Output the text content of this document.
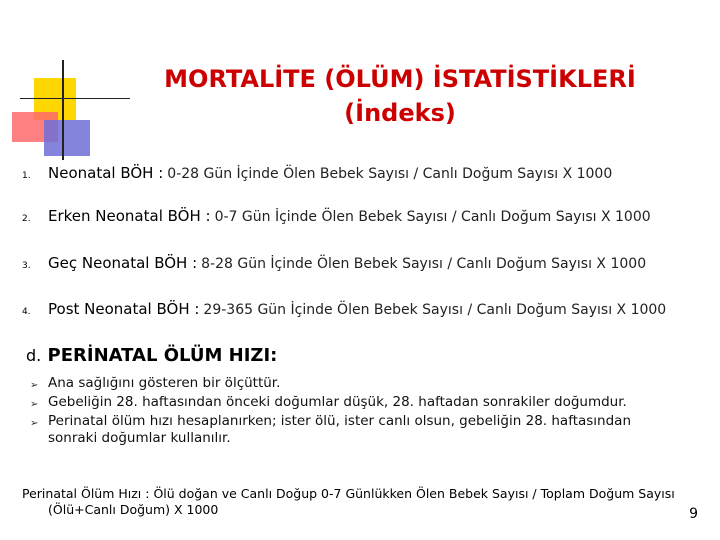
MORTALİTE (ÖLÜM) İSTATİSTİKLERİ
(İndeks)
1.	Neonatal BÖH : 0-28 Gün İçinde Ölen Bebek Sayısı / Canlı Doğum Sayısı X 1000
2.	Erken Neonatal BÖH : 0-7 Gün İçinde Ölen Bebek Sayısı / Canlı Doğum Sayısı X 1000
3.	Geç Neonatal BÖH : 8-28 Gün İçinde Ölen Bebek Sayısı / Canlı Doğum Sayısı X 1000
4.	Post Neonatal BÖH : 29-365 Gün İçinde Ölen Bebek Sayısı / Canlı Doğum Sayısı X 1000
d. PERİNATAL ÖLÜM HIZI:
➢ Ana sağlığını gösteren bir ölçüttür.
➢ Gebeliğin 28. haftasından önceki doğumlar düşük, 28. haftadan sonrakiler doğumdur.
➢ Perinatal ölüm hızı hesaplanırken; ister ölü, ister canlı olsun, gebeliğin 28. haftasından sonraki doğumlar kullanılır.
Perinatal Ölüm Hızı : Ölü doğan ve Canlı Doğup 0-7 Günlükken Ölen Bebek Sayısı / Toplam Doğum Sayısı
(Ölü+Canlı Doğum) X 1000	9
